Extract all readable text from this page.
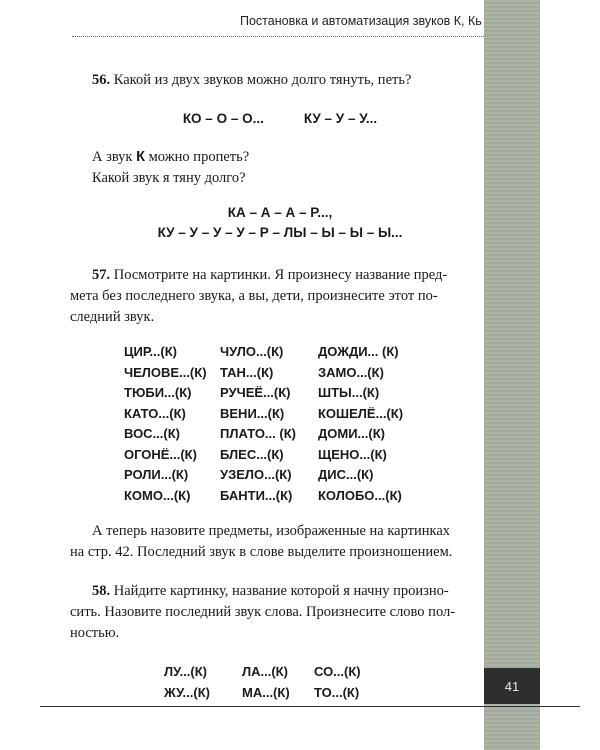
41
Постановка и автоматизация звуков К, Кь

56. Какой из двух звуков можно долго тянуть, петь?

КО – О – О...	КУ – У – У...

А звук К можно пропеть?

Какой звук я тяну долго?

КА – А – А – Р...,
КУ – У – У – У – Р – ЛЫ – Ы – Ы – Ы...

57. Посмотрите на картинки. Я произнесу название пред-

мета без последнего звука, а вы, дети, произнесите этот по-

следний звук.

ЦИР...(К)	ЧУЛО...(К)	ДОЖДИ... (К)
ЧЕЛОВЕ...(К)	ТАН...(К)	ЗАМО...(К)
ТЮБИ...(К)	РУЧЕЁ...(К)	ШТЫ...(К)
КАТО...(К)	ВЕНИ...(К)	КОШЕЛЁ...(К)
ВОС...(К)	ПЛАТО... (К)	ДОМИ...(К)
ОГОНЁ...(К)	БЛЕС...(К)	ЩЕНО...(К)
РОЛИ...(К)	УЗЕЛО...(К)	ДИС...(К)
КОМО...(К)	БАНТИ...(К)	КОЛОБО...(К)

А теперь назовите предметы, изображенные на картинках

на стр. 42. Последний звук в слове выделите произношением.

58. Найдите картинку, название которой я начну произно-

сить. Назовите последний звук слова. Произнесите слово пол-

ностью.

ЛУ...(К)	ЛА...(К)	СО...(К)
ЖУ...(К)	МА...(К)	ТО...(К)
